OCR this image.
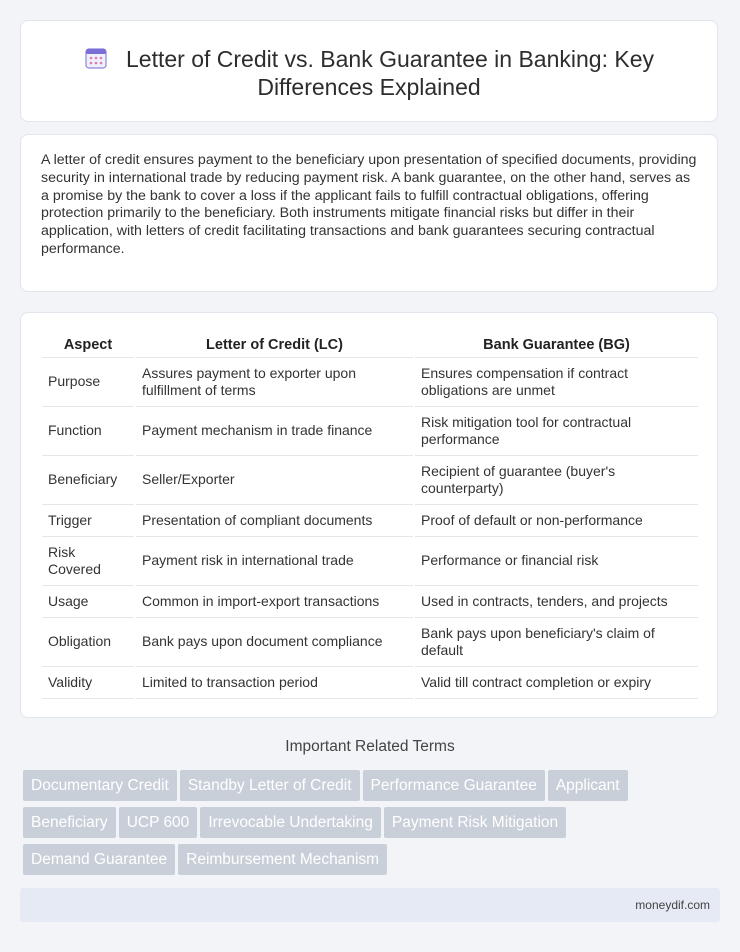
Letter of Credit vs. Bank Guarantee in Banking: Key Differences Explained

A letter of credit ensures payment to the beneficiary upon presentation of specified documents, providing security in international trade by reducing payment risk. A bank guarantee, on the other hand, serves as a promise by the bank to cover a loss if the applicant fails to fulfill contractual obligations, offering protection primarily to the beneficiary. Both instruments mitigate financial risks but differ in their application, with letters of credit facilitating transactions and bank guarantees securing contractual performance.

Aspect	Letter of Credit (LC)	Bank Guarantee (BG)
Purpose	Assures payment to exporter upon fulfillment of terms	Ensures compensation if contract obligations are unmet
Function	Payment mechanism in trade finance	Risk mitigation tool for contractual performance
Beneficiary	Seller/Exporter	Recipient of guarantee (buyer's counterparty)
Trigger	Presentation of compliant documents	Proof of default or non-performance
Risk Covered	Payment risk in international trade	Performance or financial risk
Usage	Common in import-export transactions	Used in contracts, tenders, and projects
Obligation	Bank pays upon document compliance	Bank pays upon beneficiary's claim of default
Validity	Limited to transaction period	Valid till contract completion or expiry
Important Related Terms
Documentary Credit Standby Letter of Credit Performance Guarantee Applicant
Beneficiary UCP 600 Irrevocable Undertaking Payment Risk Mitigation
Demand Guarantee Reimbursement Mechanism
moneydif.com
